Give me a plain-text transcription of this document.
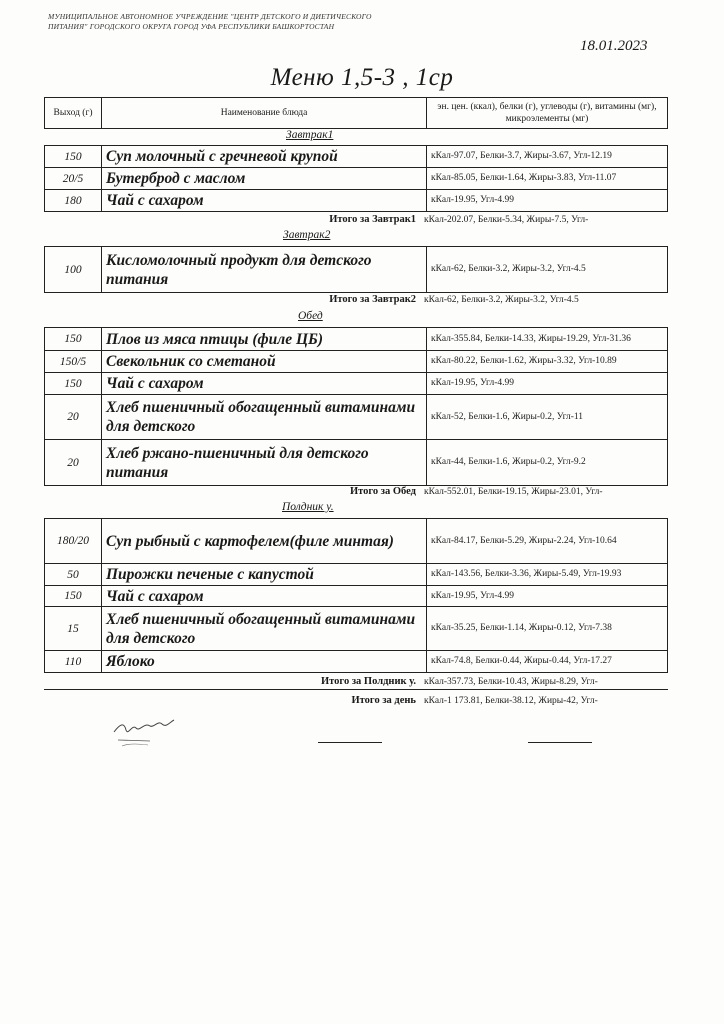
МУНИЦИПАЛЬНОЕ АВТОНОМНОЕ УЧРЕЖДЕНИЕ "ЦЕНТР ДЕТСКОГО И ДИЕТИЧЕСКОГО ПИТАНИЯ" ГОРОДСКОГО ОКРУГА ГОРОД УФА РЕСПУБЛИКИ БАШКОРТОСТАН
18.01.2023
Меню 1,5-3 , 1ср
Выход (г)	Наименование блюда	эн. цен. (ккал), белки (г), углеводы (г), витамины (мг), микроэлементы (мг)
Завтрак1
150	Суп молочный с гречневой крупой	кКал-97.07, Белки-3.7, Жиры-3.67, Угл-12.19
20/5	Бутерброд с маслом	кКал-85.05, Белки-1.64, Жиры-3.83, Угл-11.07
180	Чай с сахаром	кКал-19.95, Угл-4.99
Итого за Завтрак1 кКал-202.07, Белки-5.34, Жиры-7.5, Угл-
Завтрак2
100	Кисломолочный продукт для детского питания	кКал-62, Белки-3.2, Жиры-3.2, Угл-4.5
Итого за Завтрак2 кКал-62, Белки-3.2, Жиры-3.2, Угл-4.5
Обед
150	Плов из мяса птицы (филе ЦБ)	кКал-355.84, Белки-14.33, Жиры-19.29, Угл-31.36
150/5	Свекольник со сметаной	кКал-80.22, Белки-1.62, Жиры-3.32, Угл-10.89
150	Чай с сахаром	кКал-19.95, Угл-4.99
20	Хлеб пшеничный обогащенный витаминами для детского	кКал-52, Белки-1.6, Жиры-0.2, Угл-11
20	Хлеб ржано-пшеничный для детского питания	кКал-44, Белки-1.6, Жиры-0.2, Угл-9.2
Итого за Обед кКал-552.01, Белки-19.15, Жиры-23.01, Угл-
Полдник у.
180/20	Суп рыбный с картофелем(филе минтая)	кКал-84.17, Белки-5.29, Жиры-2.24, Угл-10.64
50	Пирожки печеные с капустой	кКал-143.56, Белки-3.36, Жиры-5.49, Угл-19.93
150	Чай с сахаром	кКал-19.95, Угл-4.99
15	Хлеб пшеничный обогащенный витаминами для детского	кКал-35.25, Белки-1.14, Жиры-0.12, Угл-7.38
110	Яблоко	кКал-74.8, Белки-0.44, Жиры-0.44, Угл-17.27
Итого за Полдник у. кКал-357.73, Белки-10.43, Жиры-8.29, Угл-
Итого за день кКал-1 173.81, Белки-38.12, Жиры-42, Угл-
